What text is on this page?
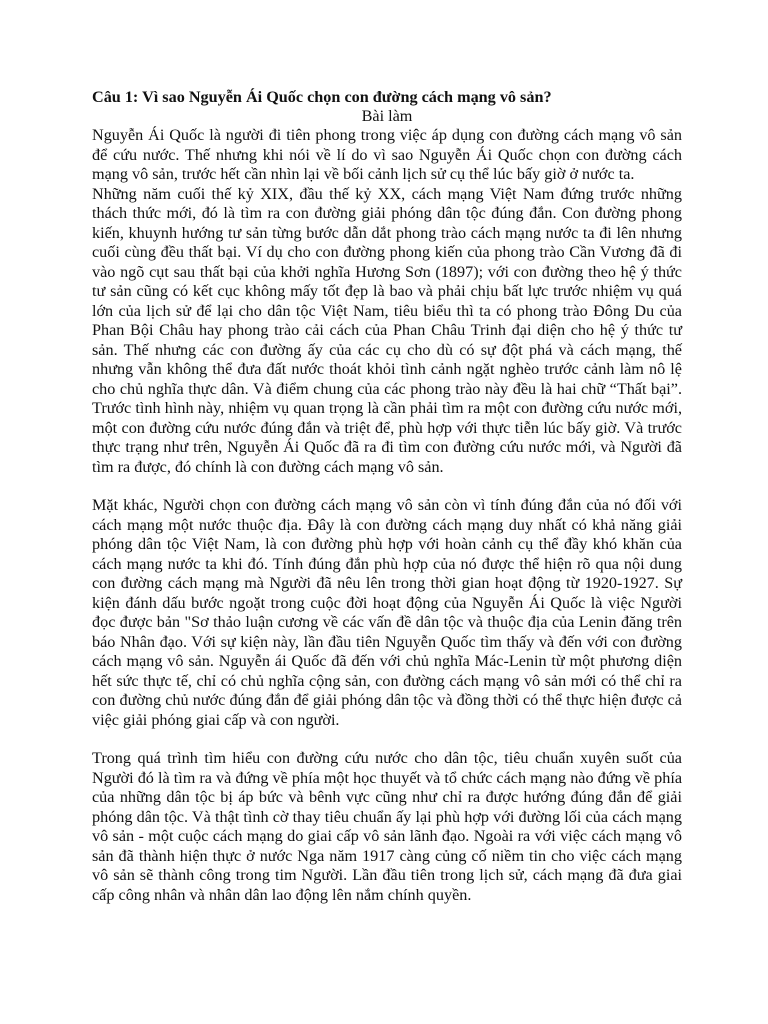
Câu 1: Vì sao Nguyễn Ái Quốc chọn con đường cách mạng vô sản?
Bài làm

Nguyễn Ái Quốc là người đi tiên phong trong việc áp dụng con đường cách mạng vô sản để cứu nước. Thế nhưng khi nói về lí do vì sao Nguyễn Ái Quốc chọn con đường cách mạng vô sản, trước hết cần nhìn lại về bối cảnh lịch sử cụ thể lúc bấy giờ ở nước ta.

Những năm cuối thế kỷ XIX, đầu thế kỷ XX, cách mạng Việt Nam đứng trước những thách thức mới, đó là tìm ra con đường giải phóng dân tộc đúng đắn. Con đường phong kiến, khuynh hướng tư sản từng bước dẫn dắt phong trào cách mạng nước ta đi lên nhưng cuối cùng đều thất bại. Ví dụ cho con đường phong kiến của phong trào Cần Vương đã đi vào ngõ cụt sau thất bại của khởi nghĩa Hương Sơn (1897); với con đường theo hệ ý thức tư sản cũng có kết cục không mấy tốt đẹp là bao và phải chịu bất lực trước nhiệm vụ quá lớn của lịch sử để lại cho dân tộc Việt Nam, tiêu biểu thì ta có phong trào Đông Du của Phan Bội Châu hay phong trào cải cách của Phan Châu Trinh đại diện cho hệ ý thức tư sản. Thế nhưng các con đường ấy của các cụ cho dù có sự đột phá và cách mạng, thế nhưng vẫn không thể đưa đất nước thoát khỏi tình cảnh ngặt nghèo trước cảnh làm nô lệ cho chủ nghĩa thực dân. Và điểm chung của các phong trào này đều là hai chữ “Thất bại”. Trước tình hình này, nhiệm vụ quan trọng là cần phải tìm ra một con đường cứu nước mới, một con đường cứu nước đúng đắn và triệt để, phù hợp với thực tiễn lúc bấy giờ. Và trước thực trạng như trên, Nguyễn Ái Quốc đã ra đi tìm con đường cứu nước mới, và Người đã tìm ra được, đó chính là con đường cách mạng vô sản.

Mặt khác, Người chọn con đường cách mạng vô sản còn vì tính đúng đắn của nó đối với cách mạng một nước thuộc địa. Đây là con đường cách mạng duy nhất có khả năng giải phóng dân tộc Việt Nam, là con đường phù hợp với hoàn cảnh cụ thể đầy khó khăn của cách mạng nước ta khi đó. Tính đúng đắn phù hợp của nó được thể hiện rõ qua nội dung con đường cách mạng mà Người đã nêu lên trong thời gian hoạt động từ 1920-1927. Sự kiện đánh dấu bước ngoặt trong cuộc đời hoạt động của Nguyễn Ái Quốc là việc Người đọc được bản "Sơ thảo luận cương về các vấn đề dân tộc và thuộc địa của Lenin đăng trên báo Nhân đạo. Với sự kiện này, lần đầu tiên Nguyễn Quốc tìm thấy và đến với con đường cách mạng vô sản. Nguyễn ái Quốc đã đến với chủ nghĩa Mác-Lenin từ một phương diện hết sức thực tế, chỉ có chủ nghĩa cộng sản, con đường cách mạng vô sản mới có thể chỉ ra con đường chủ nước đúng đắn để giải phóng dân tộc và đồng thời có thể thực hiện được cả việc giải phóng giai cấp và con người.

Trong quá trình tìm hiểu con đường cứu nước cho dân tộc, tiêu chuẩn xuyên suốt của Người đó là tìm ra và đứng về phía một học thuyết và tổ chức cách mạng nào đứng về phía của những dân tộc bị áp bức và bênh vực cũng như chỉ ra được hướng đúng đắn để giải phóng dân tộc. Và thật tình cờ thay tiêu chuẩn ấy lại phù hợp với đường lối của cách mạng vô sản - một cuộc cách mạng do giai cấp vô sản lãnh đạo. Ngoài ra với việc cách mạng vô sản đã thành hiện thực ở nước Nga năm 1917 càng củng cố niềm tin cho việc cách mạng vô sản sẽ thành công trong tim Người. Lần đầu tiên trong lịch sử, cách mạng đã đưa giai cấp công nhân và nhân dân lao động lên nắm chính quyền.
